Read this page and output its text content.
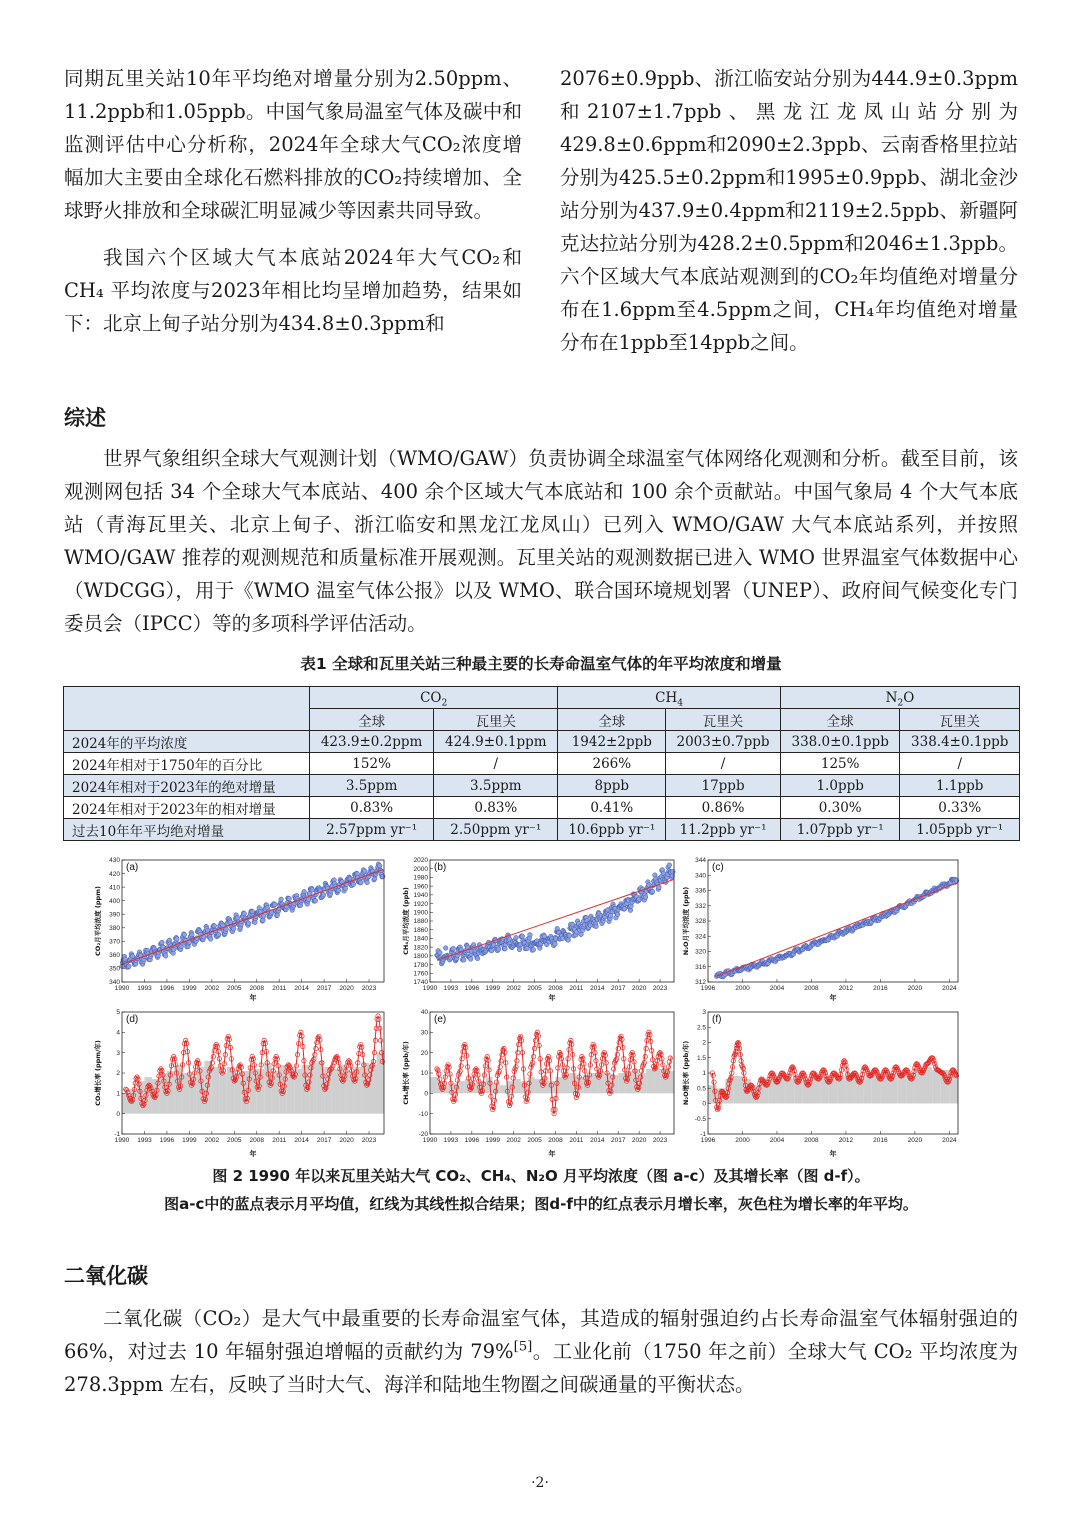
同期瓦里关站10年平均绝对增量分别为2.50ppm、11.2ppb和1.05ppb。中国气象局温室气体及碳中和监测评估中心分析称，2024年全球大气CO₂浓度增幅加大主要由全球化石燃料排放的CO₂持续增加、全球野火排放和全球碳汇明显减少等因素共同导致。

我国六个区域大气本底站2024年大气CO₂和CH₄ 平均浓度与2023年相比均呈增加趋势，结果如下：北京上甸子站分别为434.8±0.3ppm和

2076±0.9ppb、浙江临安站分别为444.9±0.3ppm和2107±1.7ppb、黑龙江龙凤山站分别为429.8±0.6ppm和2090±2.3ppb、云南香格里拉站分别为425.5±0.2ppm和1995±0.9ppb、湖北金沙站分别为437.9±0.4ppm和2119±2.5ppb、新疆阿克达拉站分别为428.2±0.5ppm和2046±1.3ppb。六个区域大气本底站观测到的CO₂年均值绝对增量分布在1.6ppm至4.5ppm之间，CH₄年均值绝对增量分布在1ppb至14ppb之间。

综述

世界气象组织全球大气观测计划（WMO/GAW）负责协调全球温室气体网络化观测和分析。截至目前，该观测网包括 34 个全球大气本底站、400 余个区域大气本底站和 100 余个贡献站。中国气象局 4 个大气本底站（青海瓦里关、北京上甸子、浙江临安和黑龙江龙凤山）已列入 WMO/GAW 大气本底站系列，并按照 WMO/GAW 推荐的观测规范和质量标准开展观测。瓦里关站的观测数据已进入 WMO 世界温室气体数据中心（WDCGG），用于《WMO 温室气体公报》以及 WMO、联合国环境规划署（UNEP）、政府间气候变化专门委员会（IPCC）等的多项科学评估活动。

表1 全球和瓦里关站三种最主要的长寿命温室气体的年平均浓度和增量
	$CO_2$		$CH_4$		$N_2O$	
	全球	瓦里关	全球	瓦里关	全球	瓦里关
2024年的平均浓度	423.9±0.2ppm	424.9±0.1ppm	1942±2ppb	2003±0.7ppb	338.0±0.1ppb	338.4±0.1ppb
2024年相对于1750年的百分比	152%	/	266%	/	125%	/
2024年相对于2023年的绝对增量	3.5ppm	3.5ppm	8ppb	17ppb	1.0ppb	1.1ppb
2024年相对于2023年的相对增量	0.83%	0.83%	0.41%	0.86%	0.30%	0.33%
过去10年年平均绝对增量	2.57ppm yr⁻¹	2.50ppm yr⁻¹	10.6ppb yr⁻¹	11.2ppb yr⁻¹	1.07ppb yr⁻¹	1.05ppb yr⁻¹
340
350
360
370
380
390
400
410
420
430
1990 1993 1996 1999 2002 2005 2008 2011 2014 2017 2020 2023
(a)
CO₂月平均浓度 (ppm)
年
1740
1760
1780
1800
1820
1840
1860
1880
1900
1920
1940
1960
1980
2000
2020
1990 1993 1996 1999 2002 2005 2008 2011 2014 2017 2020 2023
(b)
CH₄月平均浓度 (ppb)
年
312
316
320
324
328
332
336
340
344
1996	2000	2004	2008	2012	2016	2020	2024
(c)
N₂O月平均浓度 (ppb)
年
-1
0
1
2
3
4
5
1990 1993 1996 1999 2002 2005 2008 2011 2014 2017 2020 2023
(d)
CO₂增长率 (ppm/年)
年
-20
-10
0
10
20
30
40
1990 1993 1996 1999 2002 2005 2008 2011 2014 2017 2020 2023
(e)
CH₄增长率 (ppb/年)
年
-1
-0.5
0
0.5
1
1.5
2
2.5
3
1996	2000	2004	2008	2012	2016	2020	2024
(f)
N₂O增长率 (ppb/年)
年
图 2 1990 年以来瓦里关站大气 CO₂、CH₄、N₂O 月平均浓度（图 a-c）及其增长率（图 d-f）。
图a-c中的蓝点表示月平均值，红线为其线性拟合结果；图d-f中的红点表示月增长率，灰色柱为增长率的年平均。
二氧化碳

二氧化碳（CO₂）是大气中最重要的长寿命温室气体，其造成的辐射强迫约占长寿命温室气体辐射强迫的 66%，对过去 10 年辐射强迫增幅的贡献约为 79%[5]。工业化前（1750 年之前）全球大气 CO₂ 平均浓度为 278.3ppm 左右，反映了当时大气、海洋和陆地生物圈之间碳通量的平衡状态。

·2·
